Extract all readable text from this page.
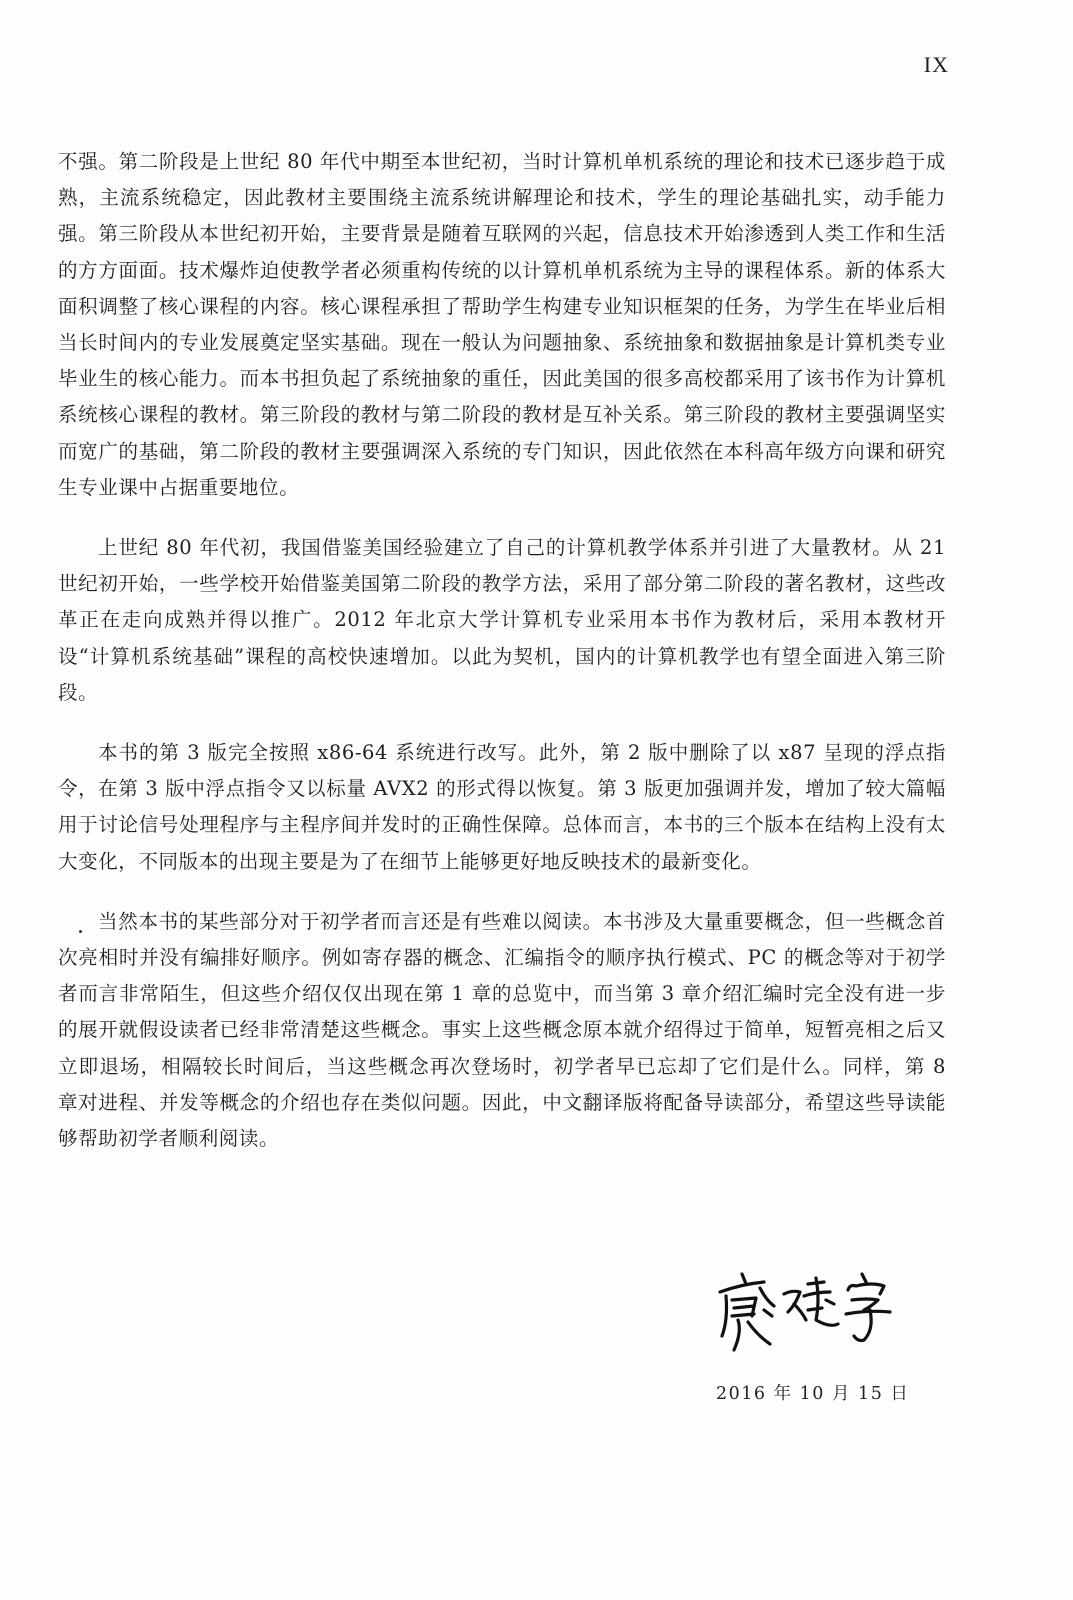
IX

不强。第二阶段是上世纪 80 年代中期至本世纪初，当时计算机单机系统的理论和技术已逐步趋于成熟，主流系统稳定，因此教材主要围绕主流系统讲解理论和技术，学生的理论基础扎实，动手能力强。第三阶段从本世纪初开始，主要背景是随着互联网的兴起，信息技术开始渗透到人类工作和生活的方方面面。技术爆炸迫使教学者必须重构传统的以计算机单机系统为主导的课程体系。新的体系大面积调整了核心课程的内容。核心课程承担了帮助学生构建专业知识框架的任务，为学生在毕业后相当长时间内的专业发展奠定坚实基础。现在一般认为问题抽象、系统抽象和数据抽象是计算机类专业毕业生的核心能力。而本书担负起了系统抽象的重任，因此美国的很多高校都采用了该书作为计算机系统核心课程的教材。第三阶段的教材与第二阶段的教材是互补关系。第三阶段的教材主要强调坚实而宽广的基础，第二阶段的教材主要强调深入系统的专门知识，因此依然在本科高年级方向课和研究生专业课中占据重要地位。

上世纪 80 年代初，我国借鉴美国经验建立了自己的计算机教学体系并引进了大量教材。从 21 世纪初开始，一些学校开始借鉴美国第二阶段的教学方法，采用了部分第二阶段的著名教材，这些改革正在走向成熟并得以推广。2012 年北京大学计算机专业采用本书作为教材后，采用本教材开设“计算机系统基础”课程的高校快速增加。以此为契机，国内的计算机教学也有望全面进入第三阶段。

本书的第 3 版完全按照 x86-64 系统进行改写。此外，第 2 版中删除了以 x87 呈现的浮点指令，在第 3 版中浮点指令又以标量 AVX2 的形式得以恢复。第 3 版更加强调并发，增加了较大篇幅用于讨论信号处理程序与主程序间并发时的正确性保障。总体而言，本书的三个版本在结构上没有太大变化，不同版本的出现主要是为了在细节上能够更好地反映技术的最新变化。

当然本书的某些部分对于初学者而言还是有些难以阅读。本书涉及大量重要概念，但一些概念首次亮相时并没有编排好顺序。例如寄存器的概念、汇编指令的顺序执行模式、PC 的概念等对于初学者而言非常陌生，但这些介绍仅仅出现在第 1 章的总览中，而当第 3 章介绍汇编时完全没有进一步的展开就假设读者已经非常清楚这些概念。事实上这些概念原本就介绍得过于简单，短暂亮相之后又立即退场，相隔较长时间后，当这些概念再次登场时，初学者早已忘却了它们是什么。同样，第 8 章对进程、并发等概念的介绍也存在类似问题。因此，中文翻译版将配备导读部分，希望这些导读能够帮助初学者顺利阅读。

2016 年 10 月 15 日
